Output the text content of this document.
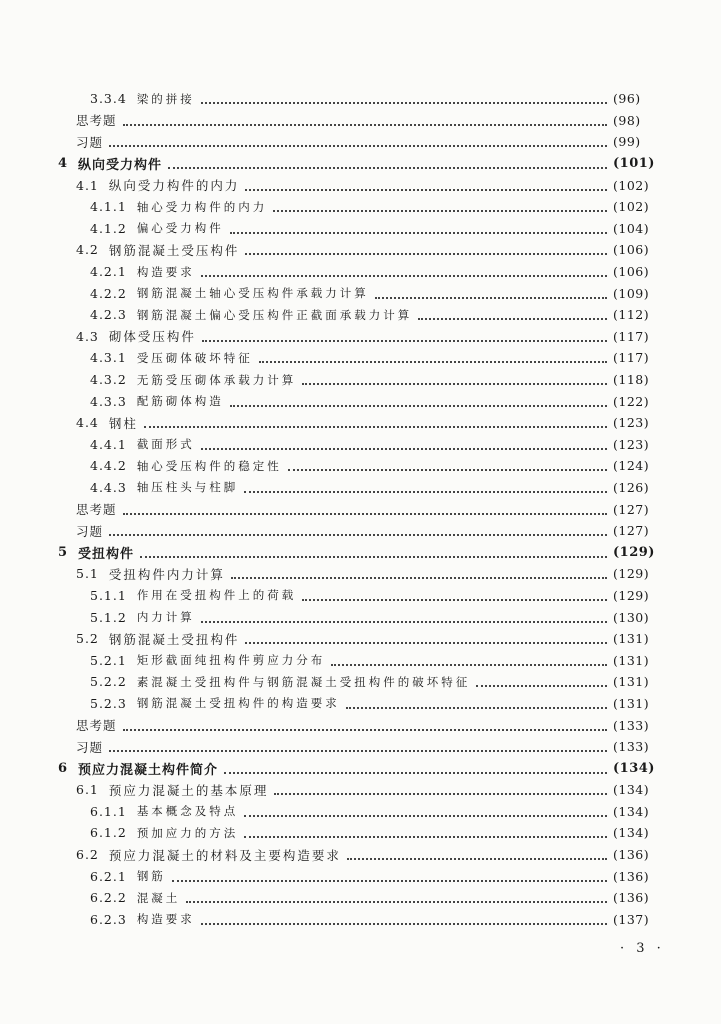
3.3.4 梁的拼接	(96)
思考题	(98)
习题	(99)
4 纵向受力构件	(101)
4.1 纵向受力构件的内力	(102)
4.1.1 轴心受力构件的内力	(102)
4.1.2 偏心受力构件	(104)
4.2 钢筋混凝土受压构件	(106)
4.2.1 构造要求	(106)
4.2.2 钢筋混凝土轴心受压构件承载力计算	(109)
4.2.3 钢筋混凝土偏心受压构件正截面承载力计算	(112)
4.3 砌体受压构件	(117)
4.3.1 受压砌体破坏特征	(117)
4.3.2 无筋受压砌体承载力计算	(118)
4.3.3 配筋砌体构造	(122)
4.4 钢柱	(123)
4.4.1 截面形式	(123)
4.4.2 轴心受压构件的稳定性	(124)
4.4.3 轴压柱头与柱脚	(126)
思考题	(127)
习题	(127)
5 受扭构件	(129)
5.1 受扭构件内力计算	(129)
5.1.1 作用在受扭构件上的荷载	(129)
5.1.2 内力计算	(130)
5.2 钢筋混凝土受扭构件	(131)
5.2.1 矩形截面纯扭构件剪应力分布	(131)
5.2.2 素混凝土受扭构件与钢筋混凝土受扭构件的破坏特征	(131)
5.2.3 钢筋混凝土受扭构件的构造要求	(131)
思考题	(133)
习题	(133)
6 预应力混凝土构件简介	(134)
6.1 预应力混凝土的基本原理	(134)
6.1.1 基本概念及特点	(134)
6.1.2 预加应力的方法	(134)
6.2 预应力混凝土的材料及主要构造要求	(136)
6.2.1 钢筋	(136)
6.2.2 混凝土	(136)
6.2.3 构造要求	(137)
· 3 ·
